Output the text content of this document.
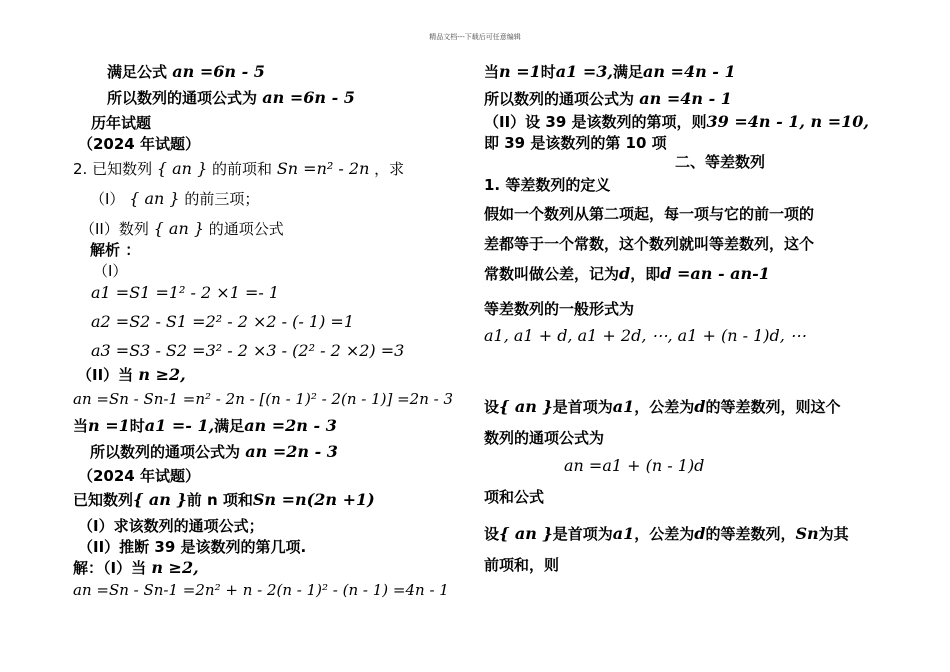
精品文档---下载后可任意编辑
满足公式 an =6n - 5
所以数列的通项公式为 an =6n - 5
历年试题
（2024 年试题）
2. 已知数列 { an } 的前项和 Sn =n² - 2n ，求
（I） { an } 的前三项；
（II）数列 { an } 的通项公式
解析 ：
（I）
a1 =S1 =1² - 2 ×1 =- 1
a2 =S2 - S1 =2² - 2 ×2 - (- 1) =1
a3 =S3 - S2 =3² - 2 ×3 - (2² - 2 ×2) =3
（II）当 n ≥2,
an =Sn - Sn-1 =n² - 2n - [(n - 1)² - 2(n - 1)] =2n - 3
当n =1时a1 =- 1,满足an =2n - 3
所以数列的通项公式为 an =2n - 3
（2024 年试题）
已知数列{ an }前 n 项和Sn =n(2n +1)
（I）求该数列的通项公式；
（II）推断 39 是该数列的第几项.
解：（I）当 n ≥2,
an =Sn - Sn-1 =2n² + n - 2(n - 1)² - (n - 1) =4n - 1
当n =1时a1 =3,满足an =4n - 1
所以数列的通项公式为 an =4n - 1
（II）设 39 是该数列的第项，则39 =4n - 1, n =10,
即 39 是该数列的第 10 项
二、等差数列
1. 等差数列的定义
假如一个数列从第二项起，每一项与它的前一项的
差都等于一个常数，这个数列就叫等差数列，这个
常数叫做公差，记为d，即d =an - an-1
等差数列的一般形式为
a1, a1 + d, a1 + 2d, ⋯, a1 + (n - 1)d, ⋯
设{ an }是首项为a1，公差为d的等差数列，则这个
数列的通项公式为
an =a1 + (n - 1)d
项和公式
设{ an }是首项为a1，公差为d的等差数列，Sn为其
前项和，则
